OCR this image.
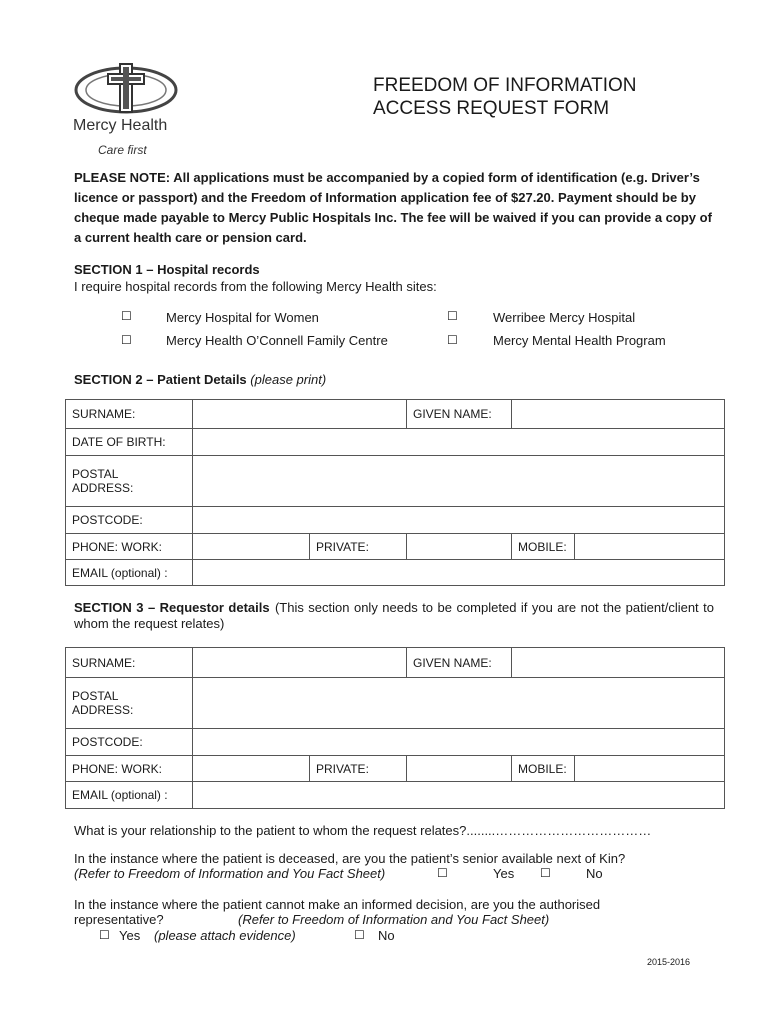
Mercy Health
Care first
FREEDOM OF INFORMATION
ACCESS REQUEST FORM
PLEASE NOTE: All applications must be accompanied by a copied form of identification (e.g. Driver’s licence or passport) and the Freedom of Information application fee of $27.20. Payment should be by cheque made payable to Mercy Public Hospitals Inc. The fee will be waived if you can provide a copy of a current health care or pension card.
SECTION 1 – Hospital records
I require hospital records from the following Mercy Health sites:
☐	Mercy Hospital for Women	☐	Werribee Mercy Hospital
☐	Mercy Health O’Connell Family Centre	☐	Mercy Mental Health Program
SECTION 2 – Patient Details (please print)
SURNAME:			GIVEN NAME:		
DATE OF BIRTH:					

POSTAL
ADDRESS:					

POSTCODE:					
PHONE: WORK:		PRIVATE:		MOBILE:	
EMAIL (optional) :					
SECTION 3 – Requestor details (This section only needs to be completed if you are not the patient/client to whom the request relates)
SURNAME:			GIVEN NAME:		

POSTAL
ADDRESS:					

POSTCODE:					
PHONE: WORK:		PRIVATE:		MOBILE:	
EMAIL (optional) :					
What is your relationship to the patient to whom the request relates?........………………………………
In the instance where the patient is deceased, are you the patient’s senior available next of Kin?
(Refer to Freedom of Information and You Fact Sheet)	☐	Yes ☐	No
In the instance where the patient cannot make an informed decision, are you the authorised representative?	(Refer to Freedom of Information and You Fact Sheet)
☐ Yes (please attach evidence)	☐ No
2015-2016
